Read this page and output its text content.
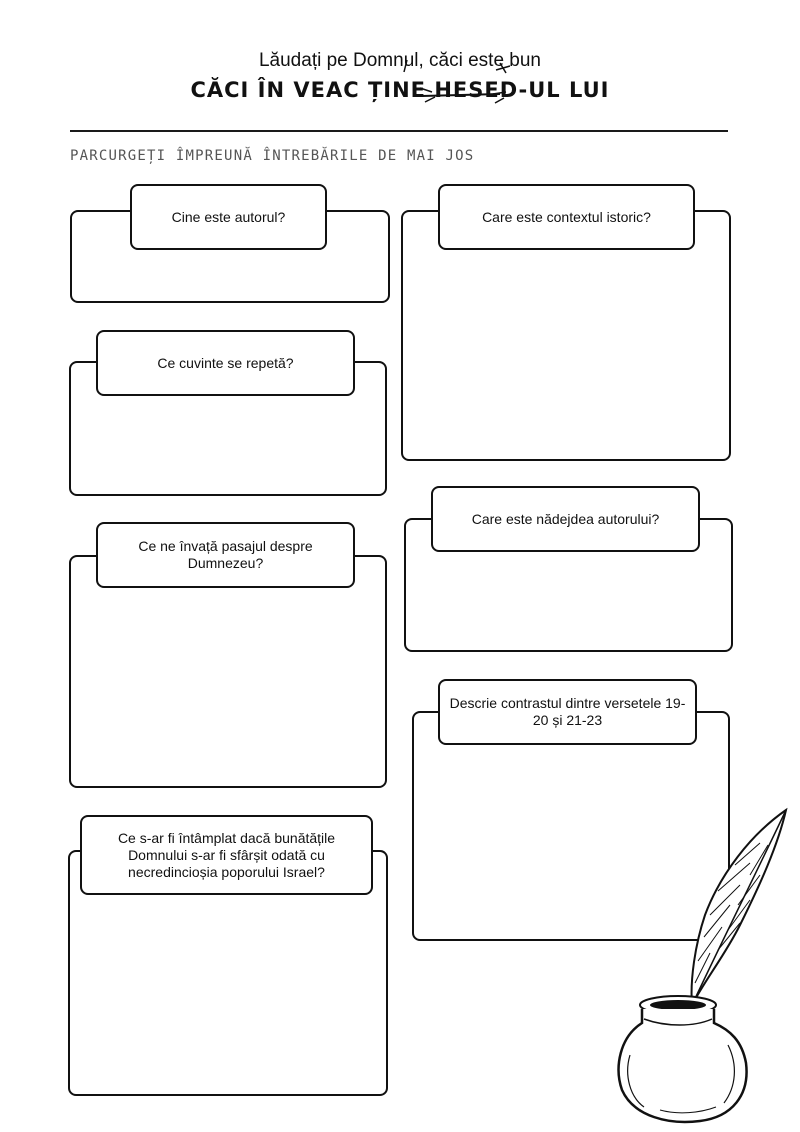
Lăudați pe Domnul, căci este bun
CĂCI ÎN VEAC ȚINE HESED-UL LUI
PARCURGEȚI ÎMPREUNĂ ÎNTREBĂRILE DE MAI JOS
Cine este autorul?	Care este contextul istoric?
Ce cuvinte se repetă?
Care este nădejdea autorului?
Ce ne învață pasajul despre Dumnezeu?
Descrie contrastul dintre versetele 19-20 și 21-23
Ce s-ar fi întâmplat dacă bunătățile Domnului s-ar fi sfârșit odată cu necredincioșia poporului Israel?
